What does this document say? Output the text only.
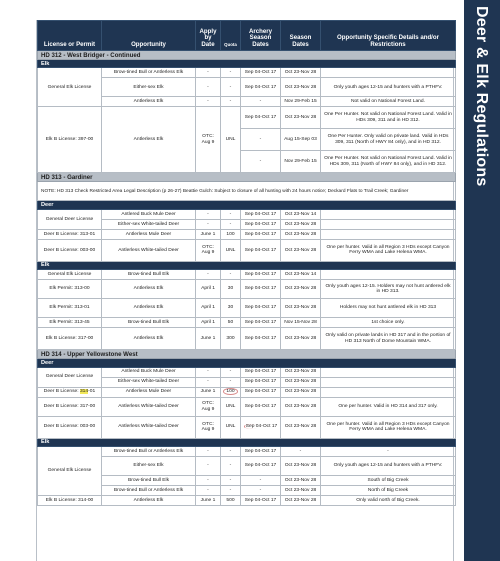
Deer & Elk Regulations
License or Permit	Opportunity	Apply by Date	Quota	Archery Season Dates	Season Dates	Opportunity Specific Details and/or Restrictions
HD 312 - West Bridger - Continued						
Elk						
General Elk License	Brow-tined Bull or Antlerless Elk	-	-	Sep 04-Oct 17	Oct 23-Nov 28	
	Either-sex Elk	-	-	Sep 04-Oct 17	Oct 23-Nov 28	Only youth ages 12-15 and hunters with a PTHFV.
	Antlerless Elk	-	-	-	Nov 29-Feb 15	Not valid on National Forest Land.
Elk B License: 397-00	Antlerless Elk	OTC: Aug 9	UNL	Sep 04-Oct 17	Oct 23-Nov 28	One Per Hunter. Not valid on National Forest Land. Valid in HDs 309, 311 and in HD 312.
				-	Aug 15-Sep 03	One Per Hunter. Only valid on private land. Valid in HDs 309, 311 (North of HWY 84 only), and in HD 312.
				-	Nov 29-Feb 15	One Per Hunter. Not valid on National Forest Land. Valid in HDs 309, 311 (North of HWY 84 only), and in HD 312.
HD 313 - Gardiner						
NOTE: HD 313 Check Restricted Area Legal Description (p 26-27) Beattie Gulch: Subject to closure of all hunting with 24 hours notice; Deckard Flats to Trail Creek; Gardiner						
Deer						
General Deer License	Antlered Buck Mule Deer	-	-	Sep 04-Oct 17	Oct 23-Nov 14	
	Either-sex White-tailed Deer	-	-	Sep 04-Oct 17	Oct 23-Nov 28	
Deer B License: 313-01	Antlerless Mule Deer	June 1	100	Sep 04-Oct 17	Oct 23-Nov 28	
Deer B License: 003-00	Antlerless White-tailed Deer	OTC: Aug 9	UNL	Sep 04-Oct 17	Oct 23-Nov 28	One per hunter. Valid in all Region 3 HDs except Canyon Ferry WMA and Lake Helena WMA.
Elk						
General Elk License	Brow-tined Bull Elk	-	-	Sep 04-Oct 17	Oct 23-Nov 14	
Elk Permit: 313-00	Antlerless Elk	April 1	30	Sep 04-Oct 17	Oct 23-Nov 28	Only youth ages 12-15. Holders may not hunt antlered elk in HD 313.
Elk Permit: 313-01	Antlerless Elk	April 1	30	Sep 04-Oct 17	Oct 23-Nov 28	Holders may not hunt antlered elk in HD 313
Elk Permit: 313-45	Brow-tined Bull Elk	April 1	50	Sep 04-Oct 17	Nov 15-Nov 28	1st choice only.
Elk B License: 317-00	Antlerless Elk	June 1	300	Sep 04-Oct 17	Oct 23-Nov 28	Only valid on private lands in HD 317 and in the portion of HD 313 North of Dome Mountain WMA.
HD 314 - Upper Yellowstone West						
Deer						
General Deer License	Antlered Buck Mule Deer	-	-	Sep 04-Oct 17	Oct 23-Nov 28	
	Either-sex White-tailed Deer	-	-	Sep 04-Oct 17	Oct 23-Nov 28	
Deer B License: 314-01	Antlerless Mule Deer	June 1	100	Sep 04-Oct 17	Oct 23-Nov 28	
Deer B License: 317-00	Antlerless White-tailed Deer	OTC: Aug 9	UNL	Sep 04-Oct 17	Oct 23-Nov 28	One per hunter. Valid in HD 314 and 317 only.
Deer B License: 003-00	Antlerless White-tailed Deer	OTC: Aug 9	UNL	Sep 04-Oct 17	Oct 23-Nov 28	One per hunter. Valid in all Region 3 HDs except Canyon Ferry WMA and Lake Helena WMA.
Elk						
General Elk License	Brow-tined Bull or Antlerless Elk	-	-	Sep 04-Oct 17	-	-
	Either-sex Elk	-	-	Sep 04-Oct 17	Oct 23-Nov 28	Only youth ages 12-15 and hunters with a PTHFV.
	Brow-tined Bull Elk	-	-	-	Oct 23-Nov 28	South of Big Creek
	Brow-tined Bull or Antlerless Elk	-	-	-	Oct 23-Nov 28	North of Big Creek
Elk B License: 314-00	Antlerless Elk	June 1	500	Sep 04-Oct 17	Oct 23-Nov 28	Only valid north of Big Creek.
